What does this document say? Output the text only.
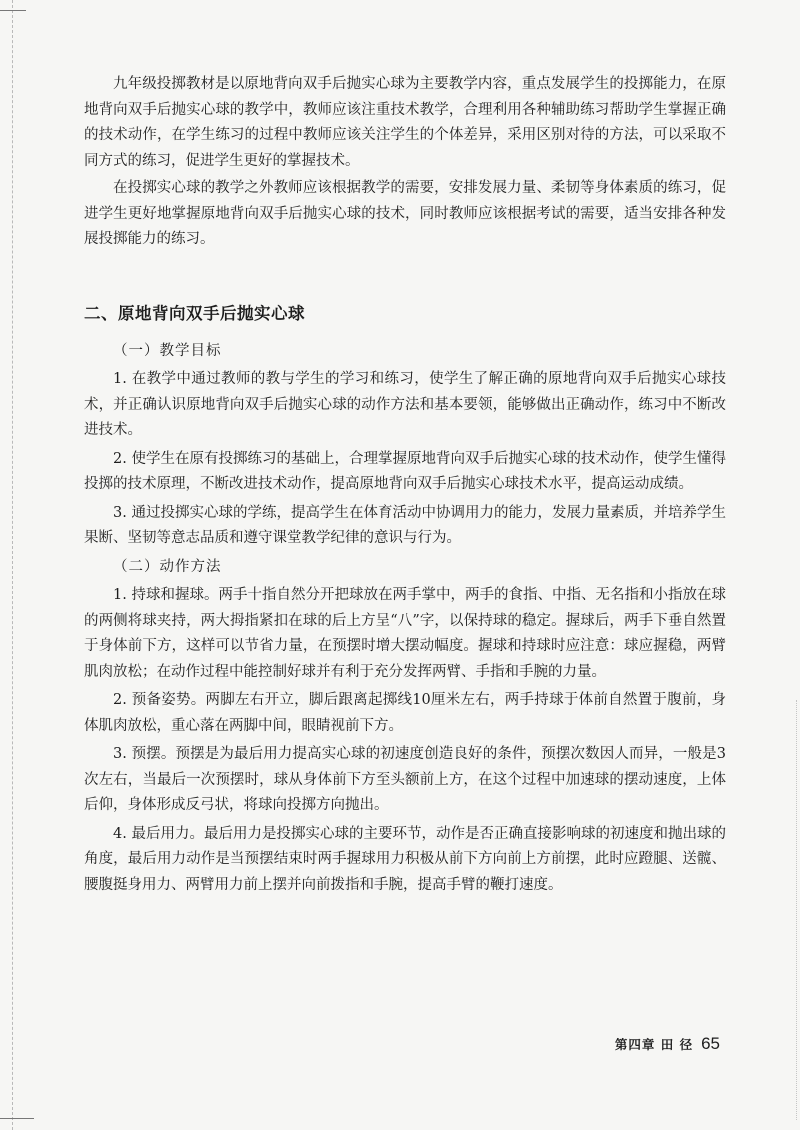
九年级投掷教材是以原地背向双手后抛实心球为主要教学内容，重点发展学生的投掷能力，在原地背向双手后抛实心球的教学中，教师应该注重技术教学，合理利用各种辅助练习帮助学生掌握正确的技术动作，在学生练习的过程中教师应该关注学生的个体差异，采用区别对待的方法，可以采取不同方式的练习，促进学生更好的掌握技术。

在投掷实心球的教学之外教师应该根据教学的需要，安排发展力量、柔韧等身体素质的练习，促进学生更好地掌握原地背向双手后抛实心球的技术，同时教师应该根据考试的需要，适当安排各种发展投掷能力的练习。

二、原地背向双手后抛实心球
（一）教学目标

1. 在教学中通过教师的教与学生的学习和练习，使学生了解正确的原地背向双手后抛实心球技术，并正确认识原地背向双手后抛实心球的动作方法和基本要领，能够做出正确动作，练习中不断改进技术。

2. 使学生在原有投掷练习的基础上，合理掌握原地背向双手后抛实心球的技术动作，使学生懂得投掷的技术原理，不断改进技术动作，提高原地背向双手后抛实心球技术水平，提高运动成绩。

3. 通过投掷实心球的学练，提高学生在体育活动中协调用力的能力，发展力量素质，并培养学生果断、坚韧等意志品质和遵守课堂教学纪律的意识与行为。

（二）动作方法

1. 持球和握球。两手十指自然分开把球放在两手掌中，两手的食指、中指、无名指和小指放在球的两侧将球夹持，两大拇指紧扣在球的后上方呈“八”字，以保持球的稳定。握球后，两手下垂自然置于身体前下方，这样可以节省力量，在预摆时增大摆动幅度。握球和持球时应注意：球应握稳，两臂肌肉放松；在动作过程中能控制好球并有利于充分发挥两臂、手指和手腕的力量。

2. 预备姿势。两脚左右开立，脚后跟离起掷线10厘米左右，两手持球于体前自然置于腹前，身体肌肉放松，重心落在两脚中间，眼睛视前下方。

3. 预摆。预摆是为最后用力提高实心球的初速度创造良好的条件，预摆次数因人而异，一般是3次左右，当最后一次预摆时，球从身体前下方至头额前上方，在这个过程中加速球的摆动速度，上体后仰，身体形成反弓状，将球向投掷方向抛出。

4. 最后用力。最后用力是投掷实心球的主要环节，动作是否正确直接影响球的初速度和抛出球的角度，最后用力动作是当预摆结束时两手握球用力积极从前下方向前上方前摆，此时应蹬腿、送髋、腰腹挺身用力、两臂用力前上摆并向前拨指和手腕，提高手臂的鞭打速度。

第四章 田 径 65
